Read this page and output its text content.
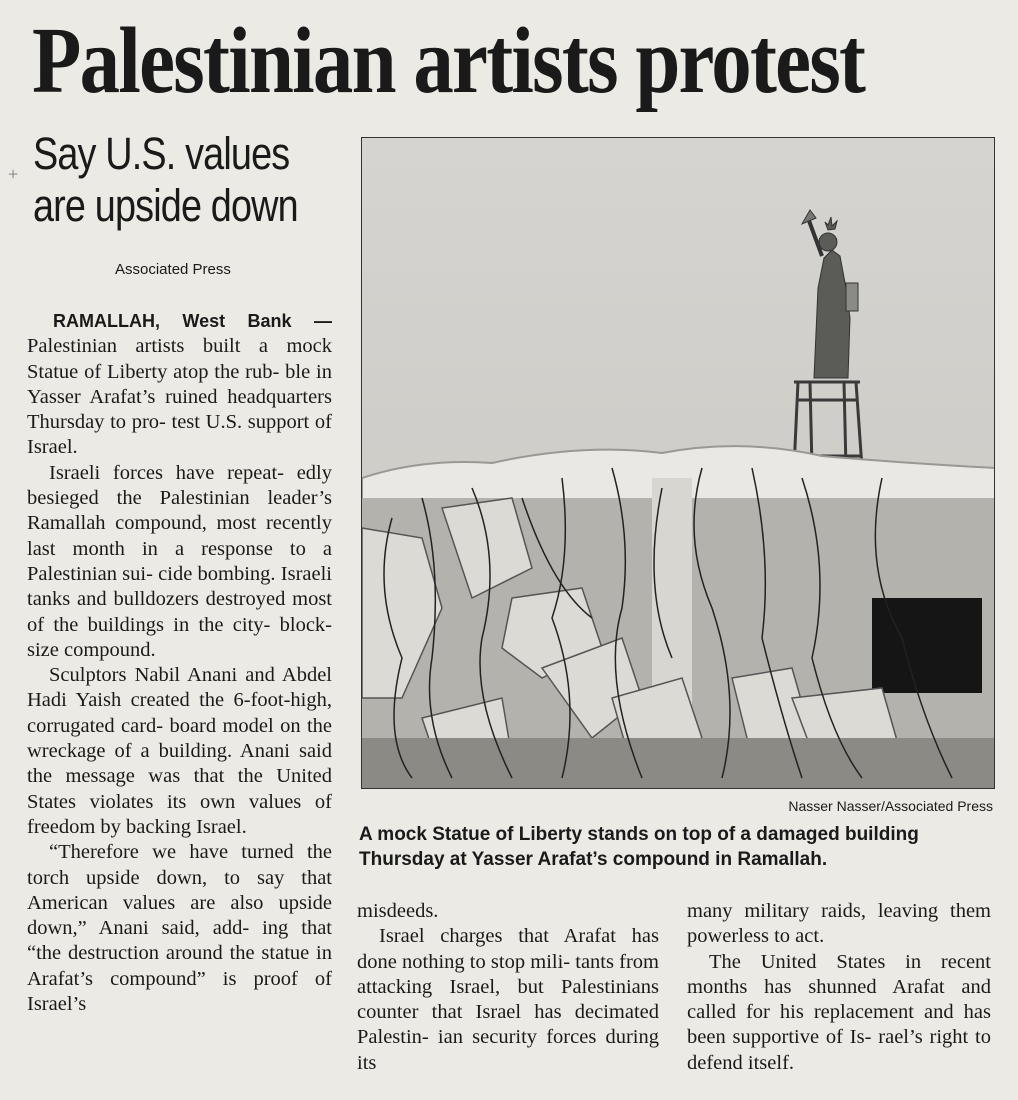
+
Palestinian artists protest
Say U.S. values
are upside down
Associated Press

RAMALLAH, West Bank — Palestinian artists built a mock Statue of Liberty atop the rub- ble in Yasser Arafat’s ruined headquarters Thursday to pro- test U.S. support of Israel.

Israeli forces have repeat- edly besieged the Palestinian leader’s Ramallah compound, most recently last month in a response to a Palestinian sui- cide bombing. Israeli tanks and bulldozers destroyed most of the buildings in the city- block-size compound.

Sculptors Nabil Anani and Abdel Hadi Yaish created the 6-foot-high, corrugated card- board model on the wreckage of a building. Anani said the message was that the United States violates its own values of freedom by backing Israel.

“Therefore we have turned the torch upside down, to say that American values are also upside down,” Anani said, add- ing that “the destruction around the statue in Arafat’s compound” is proof of Israel’s

Nasser Nasser/Associated Press
A mock Statue of Liberty stands on top of a damaged building Thursday at Yasser Arafat’s compound in Ramallah.

misdeeds.

Israel charges that Arafat has done nothing to stop mili- tants from attacking Israel, but Palestinians counter that Israel has decimated Palestin- ian security forces during its

many military raids, leaving them powerless to act.

The United States in recent months has shunned Arafat and called for his replacement and has been supportive of Is- rael’s right to defend itself.
